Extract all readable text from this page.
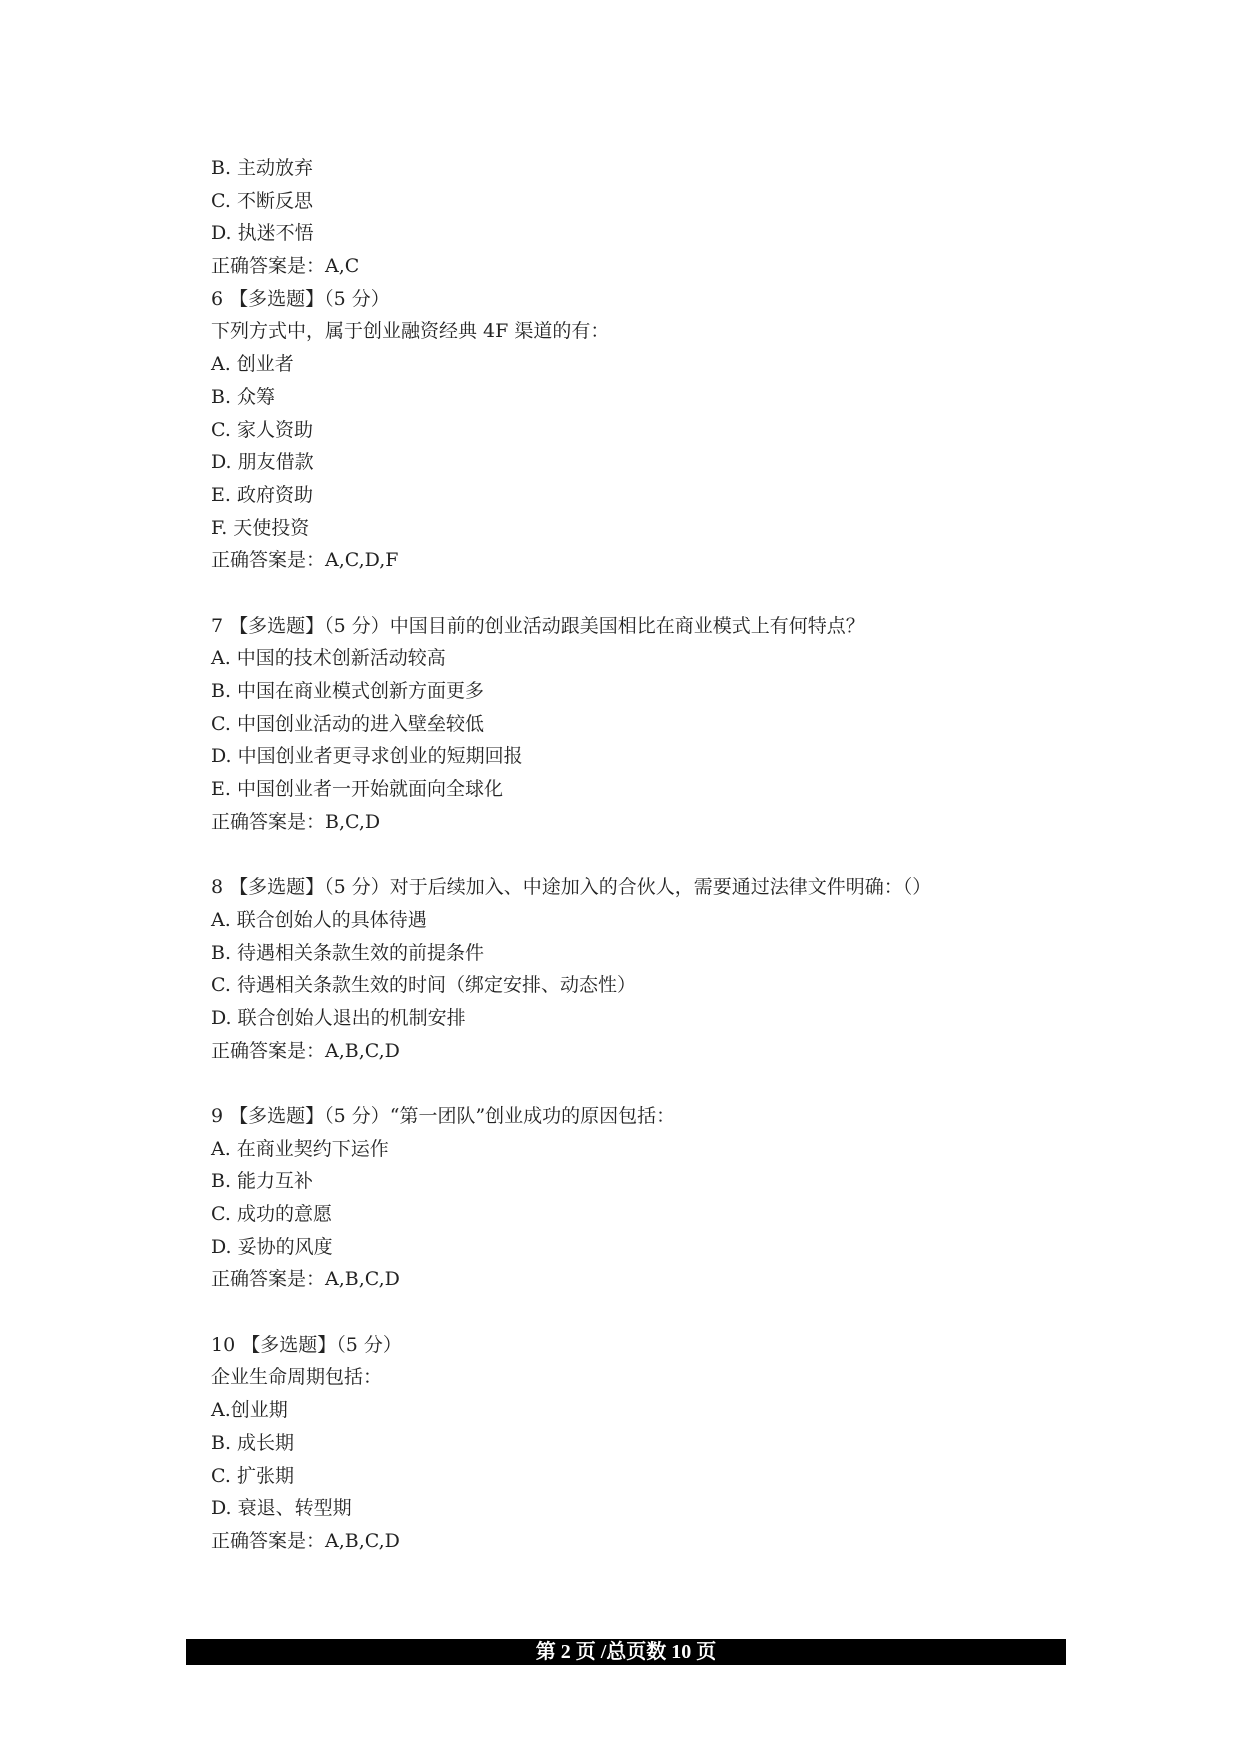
B. 主动放弃
C. 不断反思
D. 执迷不悟
正确答案是：A,C
6 【多选题】（5 分）
下列方式中，属于创业融资经典 4F 渠道的有：
A. 创业者
B. 众筹
C. 家人资助
D. 朋友借款
E. 政府资助
F. 天使投资
正确答案是：A,C,D,F
7 【多选题】（5 分）中国目前的创业活动跟美国相比在商业模式上有何特点？
A. 中国的技术创新活动较高
B. 中国在商业模式创新方面更多
C. 中国创业活动的进入壁垒较低
D. 中国创业者更寻求创业的短期回报
E. 中国创业者一开始就面向全球化
正确答案是：B,C,D
8 【多选题】（5 分）对于后续加入、中途加入的合伙人，需要通过法律文件明确：（）
A. 联合创始人的具体待遇
B. 待遇相关条款生效的前提条件
C. 待遇相关条款生效的时间（绑定安排、动态性）
D. 联合创始人退出的机制安排
正确答案是：A,B,C,D
9 【多选题】（5 分）“第一团队”创业成功的原因包括：
A. 在商业契约下运作
B. 能力互补
C. 成功的意愿
D. 妥协的风度
正确答案是：A,B,C,D
10 【多选题】（5 分）
企业生命周期包括：
A.创业期
B. 成长期
C. 扩张期
D. 衰退、转型期
正确答案是：A,B,C,D
第 2 页 /总页数 10 页
